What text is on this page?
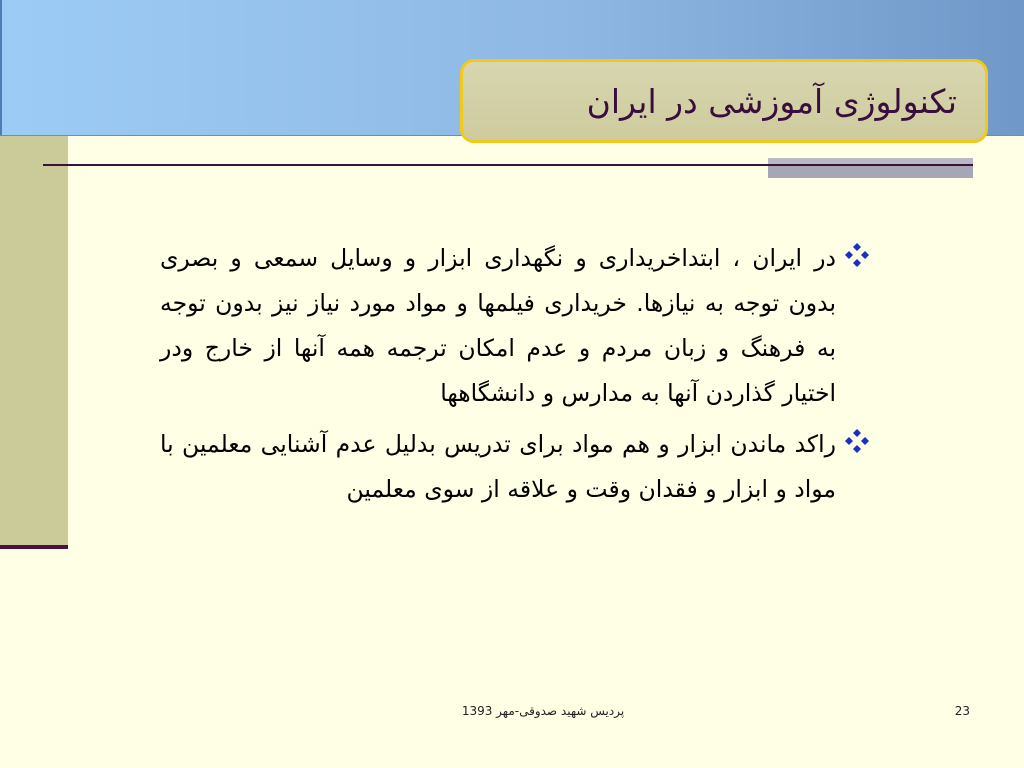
تکنولوژی آموزشی در ایران
در ایران ، ابتداخریداری و نگهداری ابزار و وسایل سمعی و بصری بدون توجه به نیازها. خریداری فیلمها و مواد مورد نیاز نیز بدون توجه به فرهنگ و زبان مردم و عدم امکان ترجمه همه آنها از خارج ودر اختیار گذاردن آنها به مدارس و دانشگاهها
راکد ماندن ابزار و هم مواد برای تدریس بدلیل عدم آشنایی معلمین با مواد و ابزار و فقدان وقت و علاقه از سوی معلمین
پردیس شهید صدوقی-مهر 1393	23
